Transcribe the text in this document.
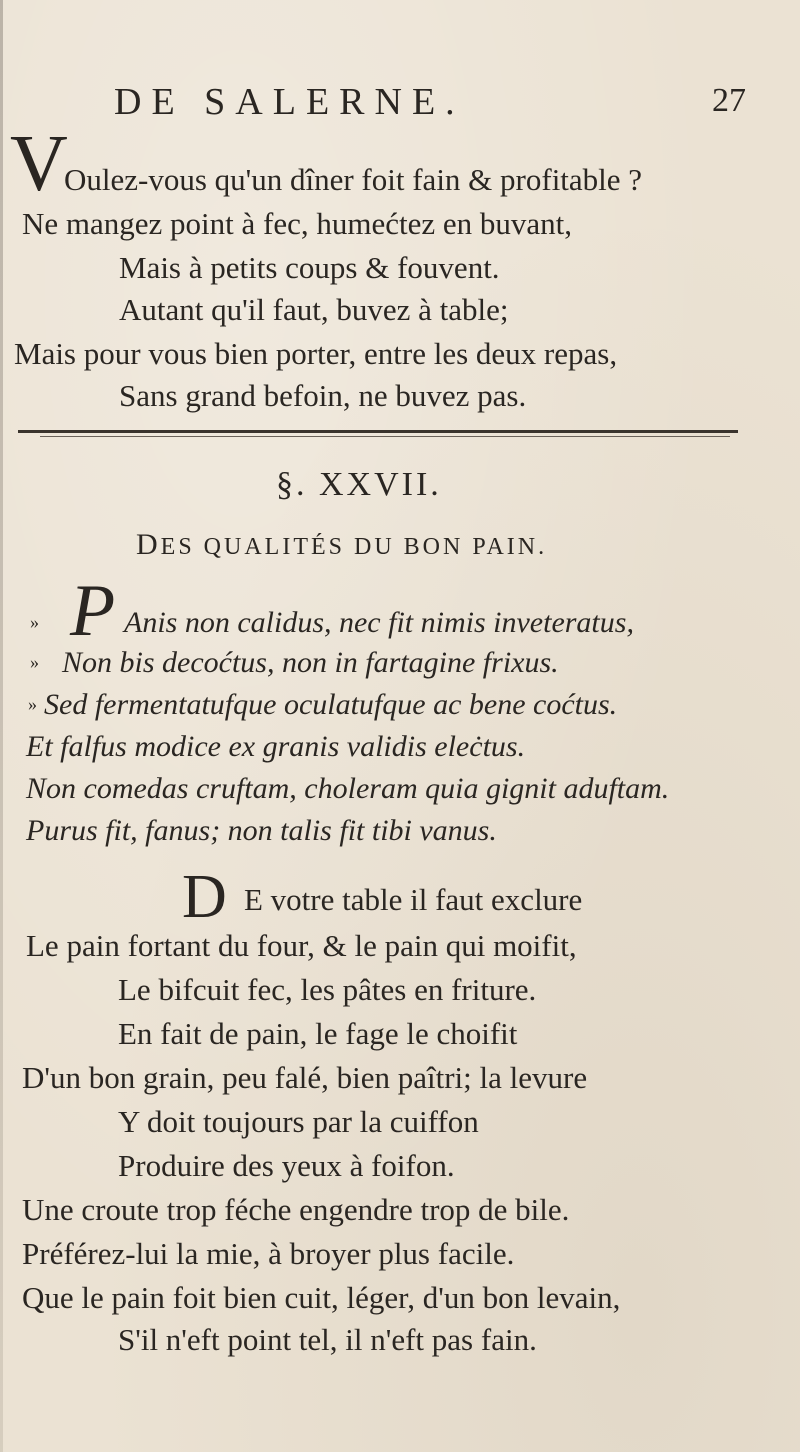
DE SALERNE.	27
V
Oulez-vous qu'un dîner foit fain & profitable ?
Ne mangez point à fec, humećtez en buvant,
Mais à petits coups & fouvent.
Autant qu'il faut, buvez à table;
Mais pour vous bien porter, entre les deux repas,
Sans grand befoin, ne buvez pas.
§. XXVII.
DES QUALITÉS DU BON PAIN.
» P Anis non calidus, nec fit nimis inveteratus,
» Non bis decoćtus, non in fartagine frixus.
» Sed fermentatufque oculatufque ac bene coćtus.
Et falfus modice ex granis validis eleċtus.
Non comedas cruftam, choleram quia gignit aduftam.
Purus fit, fanus; non talis fit tibi vanus.
D E votre table il faut exclure
Le pain fortant du four, & le pain qui moifit,
Le bifcuit fec, les pâtes en friture.
En fait de pain, le fage le choifit
D'un bon grain, peu falé, bien paîtri; la levure
Y doit toujours par la cuiffon
Produire des yeux à foifon.
Une croute trop féche engendre trop de bile.
Préférez-lui la mie, à broyer plus facile.
Que le pain foit bien cuit, léger, d'un bon levain,
S'il n'eft point tel, il n'eft pas fain.
